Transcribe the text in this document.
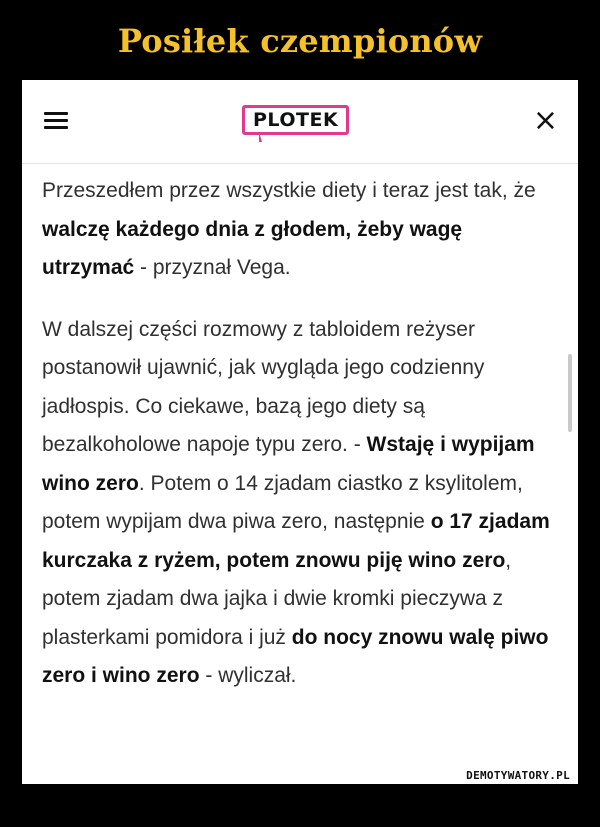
Posiłek czempionów
PLOTEK	×

Przeszedłem przez wszystkie diety i teraz jest tak, że walczę każdego dnia z głodem, żeby wagę utrzymać - przyznał Vega.

W dalszej części rozmowy z tabloidem reżyser postanowił ujawnić, jak wygląda jego codzienny jadłospis. Co ciekawe, bazą jego diety są bezalkoholowe napoje typu zero. - Wstaję i wypijam wino zero. Potem o 14 zjadam ciastko z ksylitolem, potem wypijam dwa piwa zero, następnie o 17 zjadam kurczaka z ryżem, potem znowu piję wino zero, potem zjadam dwa jajka i dwie kromki pieczywa z plasterkami pomidora i już do nocy znowu walę piwo zero i wino zero - wyliczał.

DEMOTYWATORY.PL
